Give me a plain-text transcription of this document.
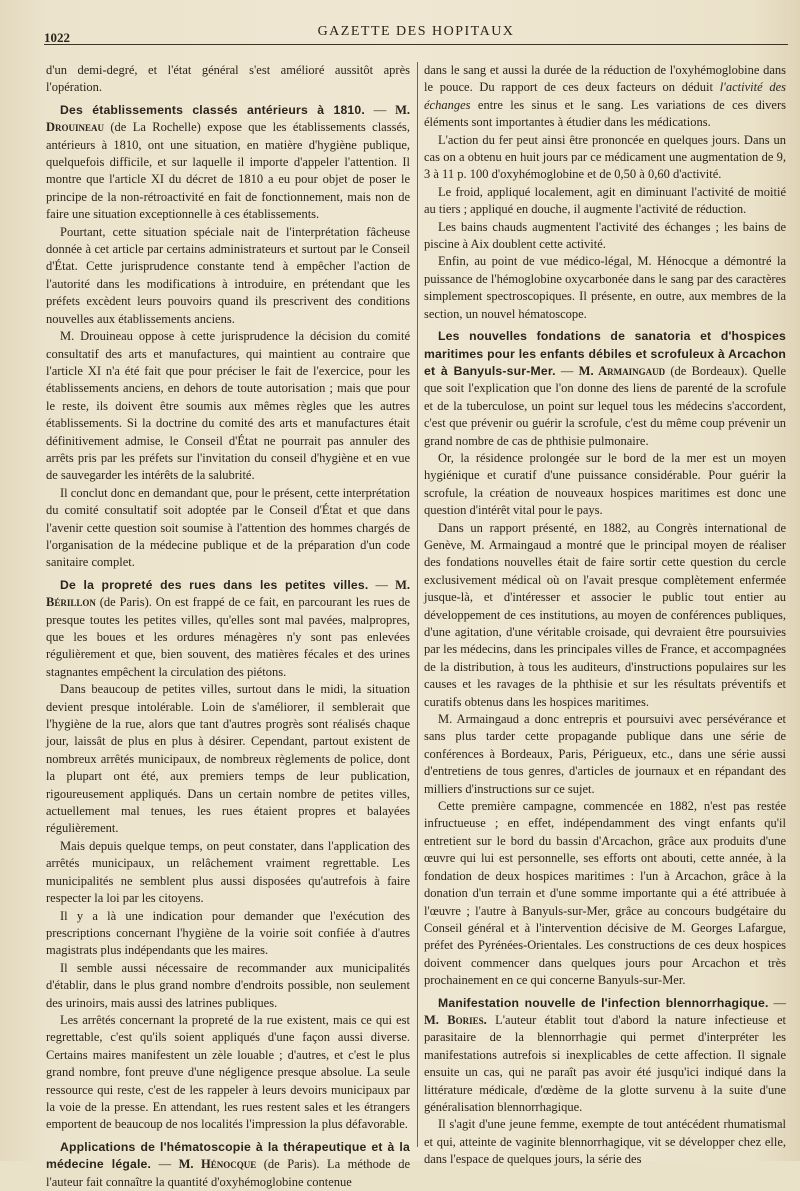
1022	GAZETTE DES HOPITAUX

d'un demi-degré, et l'état général s'est amélioré aussitôt après l'opération.

Des établissements classés antérieurs à 1810. — M. Drouineau (de La Rochelle) expose que les établissements classés, antérieurs à 1810, ont une situation, en matière d'hygiène publique, quelquefois difficile, et sur laquelle il importe d'appeler l'attention. Il montre que l'article XI du décret de 1810 a eu pour objet de poser le principe de la non-rétroactivité en fait de fonctionnement, mais non de faire une situation exceptionnelle à ces établissements.

Pourtant, cette situation spéciale nait de l'interprétation fâcheuse donnée à cet article par certains administrateurs et surtout par le Conseil d'État. Cette jurisprudence constante tend à empêcher l'action de l'autorité dans les modifications à introduire, en prétendant que les préfets excèdent leurs pouvoirs quand ils prescrivent des conditions nouvelles aux établissements anciens.

M. Drouineau oppose à cette jurisprudence la décision du comité consultatif des arts et manufactures, qui maintient au contraire que l'article XI n'a été fait que pour préciser le fait de l'exercice, pour les établissements anciens, en dehors de toute autorisation ; mais que pour le reste, ils doivent être soumis aux mêmes règles que les autres établissements. Si la doctrine du comité des arts et manufactures était définitivement admise, le Conseil d'État ne pourrait pas annuler des arrêts pris par les préfets sur l'invitation du conseil d'hygiène et en vue de sauvegarder les intérêts de la salubrité.

Il conclut donc en demandant que, pour le présent, cette interprétation du comité consultatif soit adoptée par le Conseil d'État et que dans l'avenir cette question soit soumise à l'attention des hommes chargés de l'organisation de la médecine publique et de la préparation d'un code sanitaire complet.

De la propreté des rues dans les petites villes. — M. Bérillon (de Paris). On est frappé de ce fait, en parcourant les rues de presque toutes les petites villes, qu'elles sont mal pavées, malpropres, que les boues et les ordures ménagères n'y sont pas enlevées régulièrement et que, bien souvent, des matières fécales et des urines stagnantes empêchent la circulation des piétons.

Dans beaucoup de petites villes, surtout dans le midi, la situation devient presque intolérable. Loin de s'améliorer, il semblerait que l'hygiène de la rue, alors que tant d'autres progrès sont réalisés chaque jour, laissât de plus en plus à désirer. Cependant, partout existent de nombreux arrêtés municipaux, de nombreux règlements de police, dont la plupart ont été, aux premiers temps de leur publication, rigoureusement appliqués. Dans un certain nombre de petites villes, actuellement mal tenues, les rues étaient propres et balayées régulièrement.

Mais depuis quelque temps, on peut constater, dans l'application des arrêtés municipaux, un relâchement vraiment regrettable. Les municipalités ne semblent plus aussi disposées qu'autrefois à faire respecter la loi par les citoyens.

Il y a là une indication pour demander que l'exécution des prescriptions concernant l'hygiène de la voirie soit confiée à d'autres magistrats plus indépendants que les maires.

Il semble aussi nécessaire de recommander aux municipalités d'établir, dans le plus grand nombre d'endroits possible, non seulement des urinoirs, mais aussi des latrines publiques.

Les arrêtés concernant la propreté de la rue existent, mais ce qui est regrettable, c'est qu'ils soient appliqués d'une façon aussi diverse. Certains maires manifestent un zèle louable ; d'autres, et c'est le plus grand nombre, font preuve d'une négligence presque absolue. La seule ressource qui reste, c'est de les rappeler à leurs devoirs municipaux par la voie de la presse. En attendant, les rues restent sales et les étrangers emportent de beaucoup de nos localités l'impression la plus défavorable.

Applications de l'hématoscopie à la thérapeutique et à la médecine légale. — M. Hénocque (de Paris). La méthode de l'auteur fait connaître la quantité d'oxyhémoglobine contenue

dans le sang et aussi la durée de la réduction de l'oxyhémoglobine dans le pouce. Du rapport de ces deux facteurs on déduit l'activité des échanges entre les sinus et le sang. Les variations de ces divers éléments sont importantes à étudier dans les médications.

L'action du fer peut ainsi être prononcée en quelques jours. Dans un cas on a obtenu en huit jours par ce médicament une augmentation de 9, 3 à 11 p. 100 d'oxyhémoglobine et de 0,50 à 0,60 d'activité.

Le froid, appliqué localement, agit en diminuant l'activité de moitié au tiers ; appliqué en douche, il augmente l'activité de réduction.

Les bains chauds augmentent l'activité des échanges ; les bains de piscine à Aix doublent cette activité.

Enfin, au point de vue médico-légal, M. Hénocque a démontré la puissance de l'hémoglobine oxycarbonée dans le sang par des caractères simplement spectroscopiques. Il présente, en outre, aux membres de la section, un nouvel hématoscope.

Les nouvelles fondations de sanatoria et d'hospices maritimes pour les enfants débiles et scrofuleux à Arcachon et à Banyuls-sur-Mer. — M. Armaingaud (de Bordeaux). Quelle que soit l'explication que l'on donne des liens de parenté de la scrofule et de la tuberculose, un point sur lequel tous les médecins s'accordent, c'est que prévenir ou guérir la scrofule, c'est du même coup prévenir un grand nombre de cas de phthisie pulmonaire.

Or, la résidence prolongée sur le bord de la mer est un moyen hygiénique et curatif d'une puissance considérable. Pour guérir la scrofule, la création de nouveaux hospices maritimes est donc une question d'intérêt vital pour le pays.

Dans un rapport présenté, en 1882, au Congrès international de Genève, M. Armaingaud a montré que le principal moyen de réaliser des fondations nouvelles était de faire sortir cette question du cercle exclusivement médical où on l'avait presque complètement enfermée jusque-là, et d'intéresser et associer le public tout entier au développement de ces institutions, au moyen de conférences publiques, d'une agitation, d'une véritable croisade, qui devraient être poursuivies par les médecins, dans les principales villes de France, et accompagnées de la distribution, à tous les auditeurs, d'instructions populaires sur les causes et les ravages de la phthisie et sur les résultats préventifs et curatifs obtenus dans les hospices maritimes.

M. Armaingaud a donc entrepris et poursuivi avec persévérance et sans plus tarder cette propagande publique dans une série de conférences à Bordeaux, Paris, Périgueux, etc., dans une série aussi d'entretiens de tous genres, d'articles de journaux et en répandant des milliers d'instructions sur ce sujet.

Cette première campagne, commencée en 1882, n'est pas restée infructueuse ; en effet, indépendamment des vingt enfants qu'il entretient sur le bord du bassin d'Arcachon, grâce aux produits d'une œuvre qui lui est personnelle, ses efforts ont abouti, cette année, à la fondation de deux hospices maritimes : l'un à Arcachon, grâce à la donation d'un terrain et d'une somme importante qui a été attribuée à l'œuvre ; l'autre à Banyuls-sur-Mer, grâce au concours budgétaire du Conseil général et à l'intervention décisive de M. Georges Lafargue, préfet des Pyrénées-Orientales. Les constructions de ces deux hospices doivent commencer dans quelques jours pour Arcachon et très prochainement en ce qui concerne Banyuls-sur-Mer.

Manifestation nouvelle de l'infection blennorrhagique. — M. Bories. L'auteur établit tout d'abord la nature infectieuse et parasitaire de la blennorrhagie qui permet d'interpréter les manifestations autrefois si inexplicables de cette affection. Il signale ensuite un cas, qui ne paraît pas avoir été jusqu'ici indiqué dans la littérature médicale, d'œdème de la glotte survenu à la suite d'une généralisation blennorrhagique.

Il s'agit d'une jeune femme, exempte de tout antécédent rhumatismal et qui, atteinte de vaginite blennorrhagique, vit se développer chez elle, dans l'espace de quelques jours, la série des
